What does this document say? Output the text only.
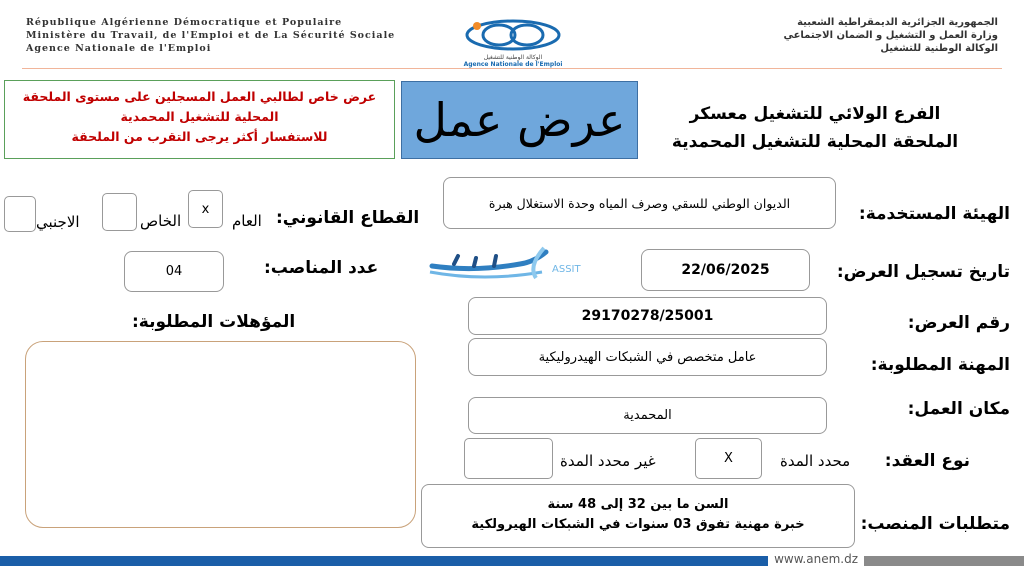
République Algérienne Démocratique et Populaire
Ministère du Travail, de l'Emploi et de La Sécurité Sociale
Agence Nationale de l'Emploi
الوكالة الوطنية للتشغيل
Agence Nationale de l'Emploi
الجمهورية الجزائرية الديمقراطية الشعبية
وزارة العمل و التشغيل و الضمان الاجتماعي
الوكالة الوطنية للتشغيل
عرض خاص لطالبي العمل المسجلين على مستوى الملحقة
المحلية للتشغيل المحمدية
للاستفسار أكثر يرجى التقرب من الملحقة	عرض عمل	الفرع الولائي للتشغيل معسكر
الملحقة المحلية للتشغيل المحمدية
الهيئة المستخدمة:
الديوان الوطني للسقي وصرف المياه وحدة الاستغلال هبرة
القطاع القانوني:
العام
x
الخاص
الاجنبي
تاريخ تسجيل العرض:
22/06/2025
ASSIT
عدد المناصب:
04
رقم العرض:
29170278/25001
المؤهلات المطلوبة:
المهنة المطلوبة:
عامل متخصص في الشبكات الهيدروليكية
مكان العمل:
المحمدية
نوع العقد:
محدد المدة
X
غير محدد المدة
متطلبات المنصب:
السن ما بين 32 إلى 48 سنة
خبرة مهنية تفوق 03 سنوات في الشبكات الهيرولكية
www.anem.dz
